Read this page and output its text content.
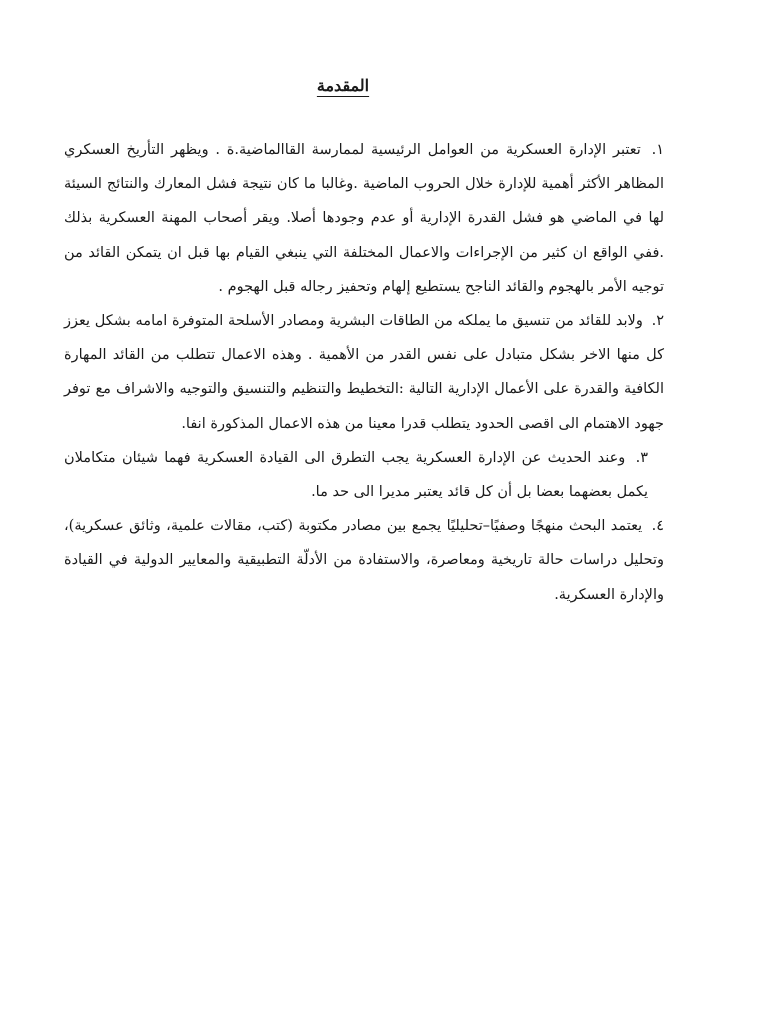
المقدمة

١. تعتبر الإدارة العسكرية من العوامل الرئيسية لممارسة القاالماضية.ة . ويظهر التأريخ العسكري المظاهر الأكثر أهمية للإدارة خلال الحروب الماضية .وغالبا ما كان نتيجة فشل المعارك والنتائج السيئة لها في الماضي هو فشل القدرة الإدارية أو عدم وجودها أصلا. ويقر أصحاب المهنة العسكرية بذلك .ففي الواقع ان كثير من الإجراءات والاعمال المختلفة التي ينبغي القيام بها قبل ان يتمكن القائد من توجيه الأمر بالهجوم والقائد الناجح يستطيع إلهام وتحفيز رجاله قبل الهجوم .

٢. ولابد للقائد من تنسيق ما يملكه من الطاقات البشرية ومصادر الأسلحة المتوفرة امامه بشكل يعزز كل منها الاخر بشكل متبادل على نفس القدر من الأهمية . وهذه الاعمال تتطلب من القائد المهارة الكافية والقدرة على الأعمال الإدارية التالية :التخطيط والتنظيم والتنسيق والتوجيه والاشراف مع توفر جهود الاهتمام الى اقصى الحدود يتطلب قدرا معينا من هذه الاعمال المذكورة انفا.

٣. وعند الحديث عن الإدارة العسكرية يجب التطرق الى القيادة العسكرية فهما شيئان متكاملان يكمل بعضهما بعضا بل أن كل قائد يعتبر مديرا الى حد ما.

٤. يعتمد البحث منهجًا وصفيًا–تحليليًا يجمع بين مصادر مكتوبة (كتب، مقالات علمية، وثائق عسكرية)، وتحليل دراسات حالة تاريخية ومعاصرة، والاستفادة من الأدلّة التطبيقية والمعايير الدولية في القيادة والإدارة العسكرية.
